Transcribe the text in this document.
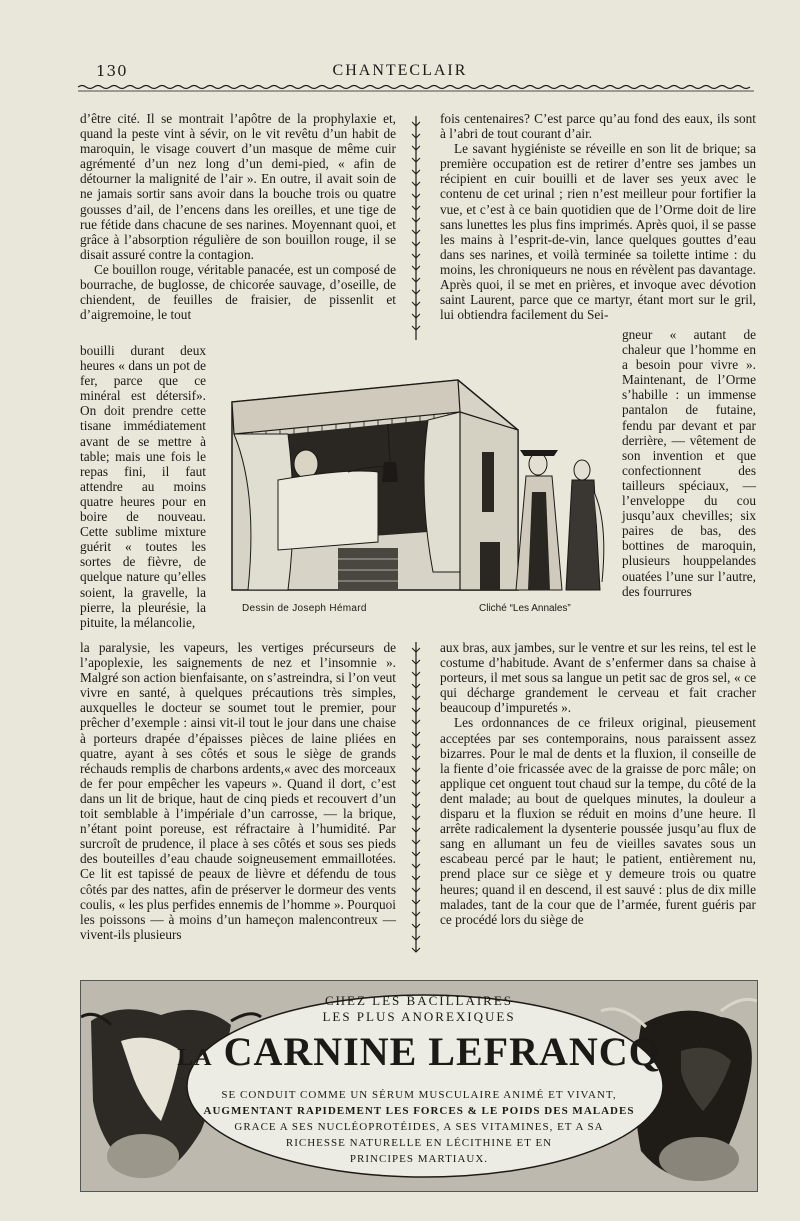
130	CHANTECLAIR

d’être cité. Il se montrait l’apôtre de la prophylaxie et, quand la peste vint à sévir, on le vit revêtu d’un habit de maroquin, le visage couvert d’un masque de même cuir agrémenté d’un nez long d’un demi-pied, « afin de détourner la malignité de l’air ». En outre, il avait soin de ne jamais sortir sans avoir dans la bouche trois ou quatre gousses d’ail, de l’encens dans les oreilles, et une tige de rue fétide dans chacune de ses narines. Moyennant quoi, et grâce à l’absorption régulière de son bouillon rouge, il se disait assuré contre la contagion.

Ce bouillon rouge, véritable panacée, est un composé de bourrache, de buglosse, de chicorée sauvage, d’oseille, de chiendent, de feuilles de fraisier, de pissenlit et d’aigremoine, le tout

bouilli durant deux heures « dans un pot de fer, parce que ce minéral est détersif». On doit prendre cette tisane immédiatement avant de se mettre à table; mais une fois le repas fini, il faut attendre au moins quatre heures pour en boire de nouveau. Cette sublime mixture guérit « toutes les sortes de fièvre, de quelque nature qu’elles soient, la gravelle, la pierre, la pleurésie, la pituite, la mélancolie,

la paralysie, les vapeurs, les vertiges précurseurs de l’apoplexie, les saignements de nez et l’insomnie ». Malgré son action bienfaisante, on s’astreindra, si l’on veut vivre en santé, à quelques précautions très simples, auxquelles le docteur se soumet tout le premier, pour prêcher d’exemple : ainsi vit-il tout le jour dans une chaise à porteurs drapée d’épaisses pièces de laine pliées en quatre, ayant à ses côtés et sous le siège de grands réchauds remplis de charbons ardents,« avec des morceaux de fer pour empêcher les vapeurs ». Quand il dort, c’est dans un lit de brique, haut de cinq pieds et recouvert d’un toit semblable à l’impériale d’un carrosse, — la brique, n’étant point poreuse, est réfractaire à l’humidité. Par surcroît de prudence, il place à ses côtés et sous ses pieds des bouteilles d’eau chaude soigneusement emmaillotées. Ce lit est tapissé de peaux de lièvre et défendu de tous côtés par des nattes, afin de préserver le dormeur des vents coulis, « les plus perfides ennemis de l’homme ». Pourquoi les poissons — à moins d’un hameçon malencontreux — vivent-ils plusieurs

fois centenaires? C’est parce qu’au fond des eaux, ils sont à l’abri de tout courant d’air.

Le savant hygiéniste se réveille en son lit de brique; sa première occupation est de retirer d’entre ses jambes un récipient en cuir bouilli et de laver ses yeux avec le contenu de cet urinal ; rien n’est meilleur pour fortifier la vue, et c’est à ce bain quotidien que de l’Orme doit de lire sans lunettes les plus fins imprimés. Après quoi, il se passe les mains à l’esprit-de-vin, lance quelques gouttes d’eau dans ses narines, et voilà terminée sa toilette intime : du moins, les chroniqueurs ne nous en révèlent pas davantage. Après quoi, il se met en prières, et invoque avec dévotion saint Laurent, parce que ce martyr, étant mort sur le gril, lui obtiendra facilement du Sei-

gneur « autant de chaleur que l’homme en a besoin pour vivre ». Maintenant, de l’Orme s’habille : un immense pantalon de futaine, fendu par devant et par derrière, — vêtement de son invention et que confectionnent des tailleurs spéciaux, — l’enveloppe du cou jusqu’aux chevilles; six paires de bas, des bottines de maroquin, plusieurs houppelandes ouatées l’une sur l’autre, des fourrures

aux bras, aux jambes, sur le ventre et sur les reins, tel est le costume d’habitude. Avant de s’enfermer dans sa chaise à porteurs, il met sous sa langue un petit sac de gros sel, « ce qui décharge grandement le cerveau et fait cracher beaucoup d’impuretés ».

Les ordonnances de ce frileux original, pieusement acceptées par ses contemporains, nous paraissent assez bizarres. Pour le mal de dents et la fluxion, il conseille de la fiente d’oie fricassée avec de la graisse de porc mâle; on applique cet onguent tout chaud sur la tempe, du côté de la dent malade; au bout de quelques minutes, la douleur a disparu et la fluxion se réduit en moins d’une heure. Il arrête radicalement la dysenterie poussée jusqu’au flux de sang en allumant un feu de vieilles savates sous un escabeau percé par le haut; le patient, entièrement nu, prend place sur ce siège et y demeure trois ou quatre heures; quand il en descend, il est sauvé : plus de dix mille malades, tant de la cour que de l’armée, furent guéris par ce procédé lors du siège de

Dessin de Joseph Hémard	Cliché “Les Annales”
CHEZ LES BACILLAIRES
LES PLUS ANOREXIQUES
LA CARNINE LEFRANCQ
SE CONDUIT COMME UN SÉRUM MUSCULAIRE ANIMÉ ET VIVANT,
AUGMENTANT RAPIDEMENT LES FORCES & LE POIDS DES MALADES
GRACE A SES NUCLÉOPROTÉIDES, A SES VITAMINES, ET A SA
RICHESSE NATURELLE EN LÉCITHINE ET EN
PRINCIPES MARTIAUX.
